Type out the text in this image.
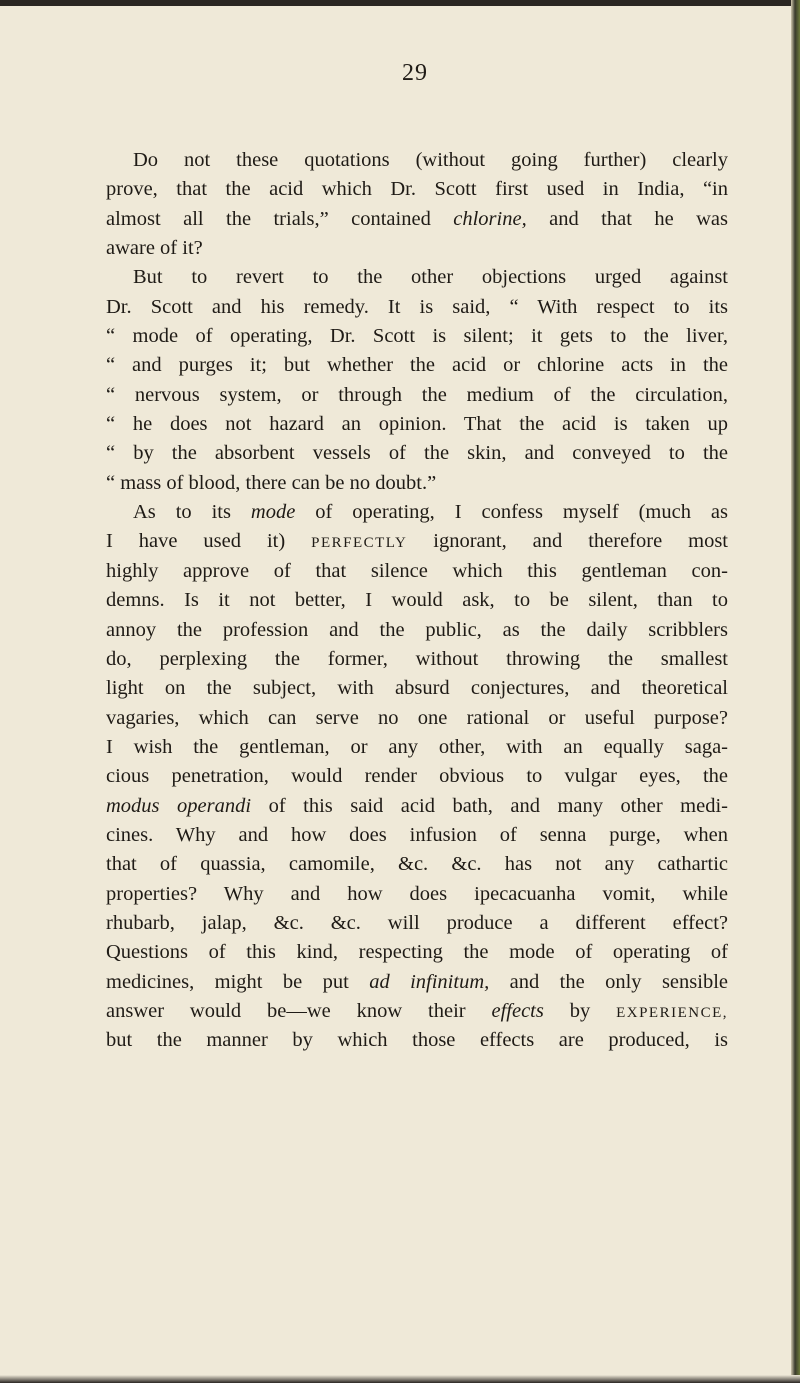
29
Do not these quotations (without going further) clearly
prove, that the acid which Dr. Scott first used in India, “in
almost all the trials,” contained chlorine, and that he was
aware of it?
But to revert to the other objections urged against
Dr. Scott and his remedy. It is said, “ With respect to its
“ mode of operating, Dr. Scott is silent; it gets to the liver,
“ and purges it; but whether the acid or chlorine acts in the
“ nervous system, or through the medium of the circulation,
“ he does not hazard an opinion. That the acid is taken up
“ by the absorbent vessels of the skin, and conveyed to the
“ mass of blood, there can be no doubt.”
As to its mode of operating, I confess myself (much as
I have used it) PERFECTLY ignorant, and therefore most
highly approve of that silence which this gentleman con-
demns. Is it not better, I would ask, to be silent, than to
annoy the profession and the public, as the daily scribblers
do, perplexing the former, without throwing the smallest
light on the subject, with absurd conjectures, and theoretical
vagaries, which can serve no one rational or useful purpose?
I wish the gentleman, or any other, with an equally saga-
cious penetration, would render obvious to vulgar eyes, the
modus operandi of this said acid bath, and many other medi-
cines. Why and how does infusion of senna purge, when
that of quassia, camomile, &c. &c. has not any cathartic
properties? Why and how does ipecacuanha vomit, while
rhubarb, jalap, &c. &c. will produce a different effect?
Questions of this kind, respecting the mode of operating of
medicines, might be put ad infinitum, and the only sensible
answer would be—we know their effects by EXPERIENCE,
but the manner by which those effects are produced, is
